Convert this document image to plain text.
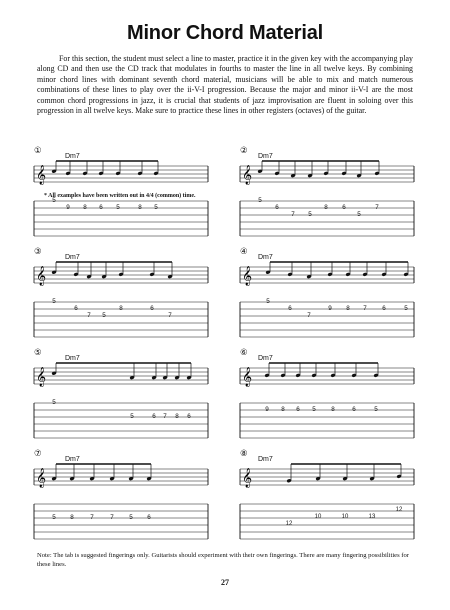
Minor Chord Material
For this section, the student must select a line to master, practice it in the given key with the accompanying play along CD and then use the CD track that modulates in fourths to master the line in all twelve keys. By combining minor chord lines with dominant seventh chord material, musicians will be able to mix and match numerous combinations of these lines to play over the ii-V-I progression. Because the major and minor ii-V-I are the most common chord progressions in jazz, it is crucial that students of jazz improvisation are fluent in soloing over this progression in all twelve keys. Make sure to practice these lines in other registers (octaves) of the guitar.
𝄞
①
Dm7
5
9 8 6 5	8 5
* All examples have been written out in 4/4 (common) time.
𝄞
②
Dm7
5
6
7 5
8 6
5
7
𝄞
③
Dm7
5
6
7 5
8	6
7
𝄞
④
Dm7
5
6
7
9 8 7 6	5
𝄞
⑤
Dm7
5
5	6 7 8 6
𝄞
⑥
Dm7
9 8 6 5 8	6	5
𝄞
⑦
Dm7
5 8	7	7 5 6
𝄞
⑧
Dm7
12
10	10	13
12
Note: The tab is suggested fingerings only. Guitarists should experiment with their own fingerings. There are many fingering possibilities for these lines.
27
